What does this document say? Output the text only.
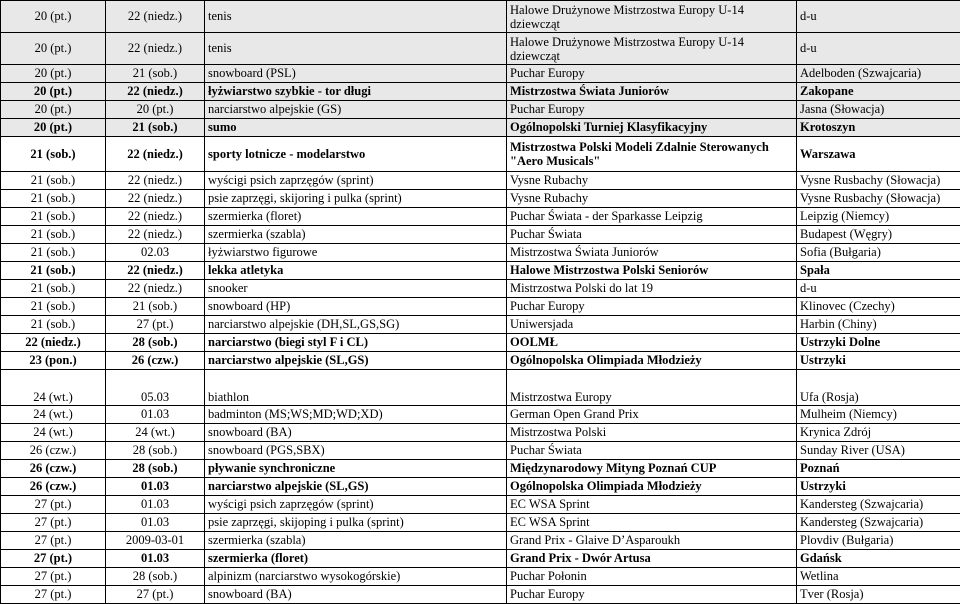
20 (pt.)	22 (niedz.)	tenis	Halowe Drużynowe Mistrzostwa Europy U-14 dziewcząt	d-u
20 (pt.)	22 (niedz.)	tenis	Halowe Drużynowe Mistrzostwa Europy U-14 dziewcząt	d-u
20 (pt.)	21 (sob.)	snowboard (PSL)	Puchar Europy	Adelboden (Szwajcaria)
20 (pt.)	22 (niedz.)	łyżwiarstwo szybkie - tor długi	Mistrzostwa Świata Juniorów	Zakopane
20 (pt.)	20 (pt.)	narciarstwo alpejskie (GS)	Puchar Europy	Jasna (Słowacja)
20 (pt.)	21 (sob.)	sumo	Ogólnopolski Turniej Klasyfikacyjny	Krotoszyn
21 (sob.)	22 (niedz.)	sporty lotnicze - modelarstwo	Mistrzostwa Polski Modeli Zdalnie Sterowanych "Aero Musicals"	Warszawa
21 (sob.)	22 (niedz.)	wyścigi psich zaprzęgów (sprint)	Vysne Rubachy	Vysne Rusbachy (Słowacja)
21 (sob.)	22 (niedz.)	psie zaprzęgi, skijoring i pulka (sprint)	Vysne Rubachy	Vysne Rusbachy (Słowacja)
21 (sob.)	22 (niedz.)	szermierka (floret)	Puchar Świata - der Sparkasse Leipzig	Leipzig (Niemcy)
21 (sob.)	22 (niedz.)	szermierka (szabla)	Puchar Świata	Budapest (Węgry)
21 (sob.)	02.03	łyżwiarstwo figurowe	Mistrzostwa Świata Juniorów	Sofia (Bułgaria)
21 (sob.)	22 (niedz.)	lekka atletyka	Halowe Mistrzostwa Polski Seniorów	Spała
21 (sob.)	22 (niedz.)	snooker	Mistrzostwa Polski do lat 19	d-u
21 (sob.)	21 (sob.)	snowboard (HP)	Puchar Europy	Klinovec (Czechy)
21 (sob.)	27 (pt.)	narciarstwo alpejskie (DH,SL,GS,SG)	Uniwersjada	Harbin (Chiny)
22 (niedz.)	28 (sob.)	narciarstwo (biegi styl F i CL)	OOLMŁ	Ustrzyki Dolne
23 (pon.)	26 (czw.)	narciarstwo alpejskie (SL,GS)	Ogólnopolska Olimpiada Młodzieży	Ustrzyki
24 (wt.)	05.03	biathlon	Mistrzostwa Europy	Ufa (Rosja)
24 (wt.)	01.03	badminton (MS;WS;MD;WD;XD)	German Open Grand Prix	Mulheim (Niemcy)
24 (wt.)	24 (wt.)	snowboard (BA)	Mistrzostwa Polski	Krynica Zdrój
26 (czw.)	28 (sob.)	snowboard (PGS,SBX)	Puchar Świata	Sunday River (USA)
26 (czw.)	28 (sob.)	pływanie synchroniczne	Międzynarodowy Mityng Poznań CUP	Poznań
26 (czw.)	01.03	narciarstwo alpejskie (SL,GS)	Ogólnopolska Olimpiada Młodzieży	Ustrzyki
27 (pt.)	01.03	wyścigi psich zaprzęgów (sprint)	EC WSA Sprint	Kandersteg (Szwajcaria)
27 (pt.)	01.03	psie zaprzęgi, skijoping i pulka (sprint)	EC WSA Sprint	Kandersteg (Szwajcaria)
27 (pt.)	2009-03-01	szermierka (szabla)	Grand Prix - Glaive D’Asparoukh	Plovdiv (Bułgaria)
27 (pt.)	01.03	szermierka (floret)	Grand Prix - Dwór Artusa	Gdańsk
27 (pt.)	28 (sob.)	alpinizm (narciarstwo wysokogórskie)	Puchar Połonin	Wetlina
27 (pt.)	27 (pt.)	snowboard (BA)	Puchar Europy	Tver (Rosja)
